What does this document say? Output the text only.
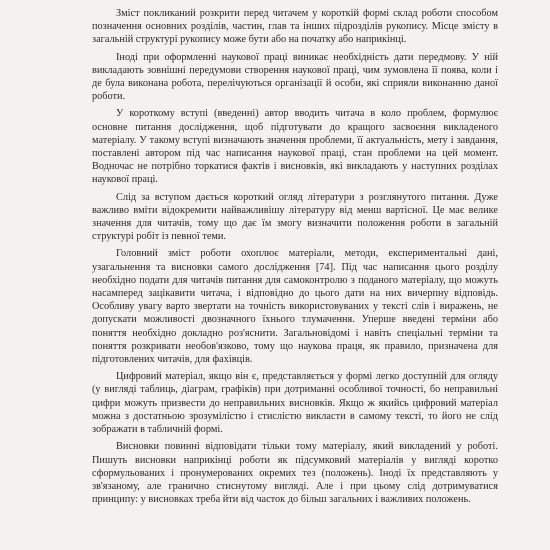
Зміст покликаний розкрити перед читачем у короткій формі склад роботи способом позначення основних розділів, частин, глав та інших підрозділів рукопису. Місце змісту в загальній структурі рукопису може бути або на початку або наприкінці.

Іноді при оформленні наукової праці виникає необхідність дати передмову. У ній викладають зовнішні передумови створення наукової праці, чим зумовлена її поява, коли і де була виконана робота, перелічуються організації й особи, які сприяли виконанню даної роботи.

У короткому вступі (введенні) автор вводить читача в коло проблем, формулює основне питання дослідження, щоб підготувати до кращого засвоєння викладеного матеріалу. У такому вступі визначають значення проблеми, її актуальність, мету і завдання, поставлені автором під час написання наукової праці, стан проблеми на цей момент. Водночас не потрібно торкатися фактів і висновків, які викладають у наступних розділах наукової праці.

Слід за вступом дається короткий огляд літератури з розглянутого питання. Дуже важливо вміти відокремити найважливішу літературу від менш вартісної. Це має велике значення для читачів, тому що дає їм змогу визначити положення роботи в загальній структурі робіт із певної теми.

Головний зміст роботи охоплює матеріали, методи, експериментальні дані, узагальнення та висновки самого дослідження [74]. Під час написання цього розділу необхідно подати для читачів питання для самоконтролю з поданого матеріалу, що можуть насамперед зацікавити читача, і відповідно до цього дати на них вичерпну відповідь. Особливу увагу варто звертати на точність використовуваних у тексті слів і виражень, не допускати можливості двозначного їхнього тлумачення. Уперше введені терміни або поняття необхідно докладно роз'яснити. Загальновідомі і навіть спеціальні терміни та поняття розкривати необов'язково, тому що наукова праця, як правило, призначена для підготовлених читачів, для фахівців.

Цифровий матеріал, якщо він є, представляється у формі легко доступній для огляду (у вигляді таблиць, діаграм, графіків) при дотриманні особливої точності, бо неправильні цифри можуть призвести до неправильних висновків. Якщо ж якийсь цифровий матеріал можна з достатньою зрозумілістю і стислістю викласти в самому тексті, то його не слід зображати в табличній формі.

Висновки повинні відповідати тільки тому матеріалу, який викладений у роботі. Пишуть висновки наприкінці роботи як підсумковий матеріалів у вигляді коротко сформульованих і пронумерованих окремих тез (положень). Іноді їх представляють у зв'язаному, але гранично стиснутому вигляді. Але і при цьому слід дотримуватися принципу: у висновках треба йти від часток до більш загальних і важливих положень.
